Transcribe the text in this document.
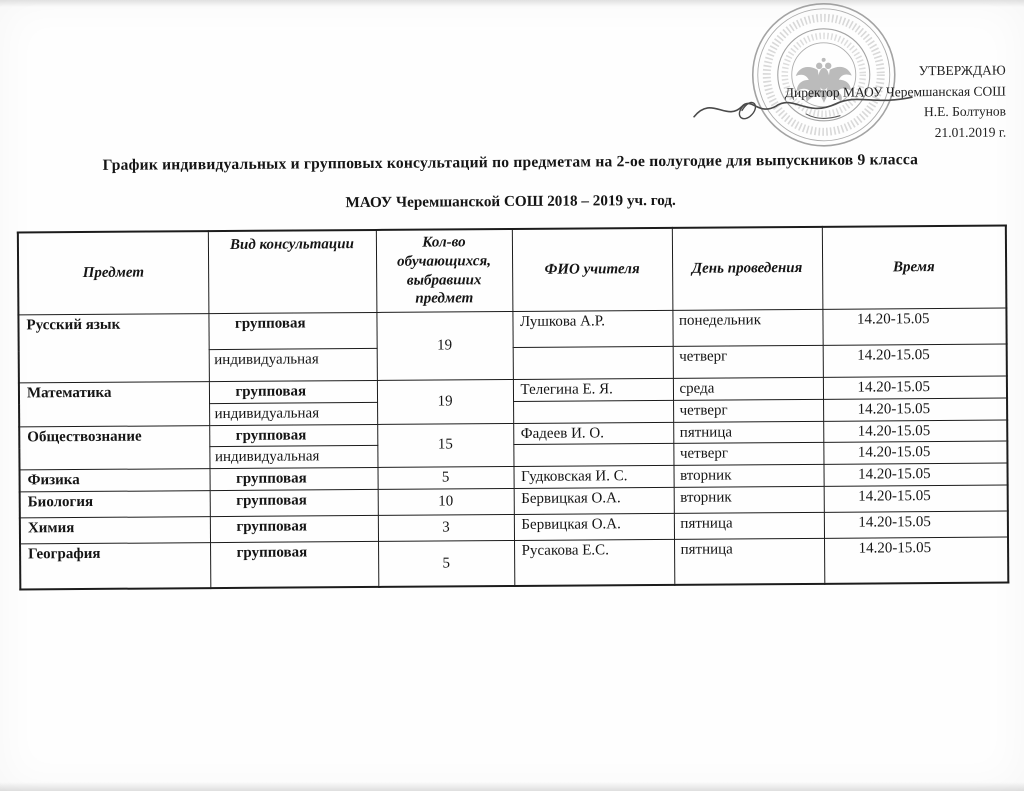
УТВЕРЖДАЮ
Директор МАОУ Черемшанская СОШ
Н.Е. Болтунов
21.01.2019 г.
График индивидуальных и групповых консультаций по предметам на 2-ое полугодие для выпускников 9 класса
МАОУ Черемшанской СОШ 2018 – 2019 уч. год.
Предмет	Вид консультации	Кол-во обучающихся, выбравших предмет	ФИО учителя	День проведения	Время
Русский язык	групповая	19	Лушкова А.Р.	понедельник	14.20-15.05
	индивидуальная			четверг	14.20-15.05
Математика	групповая	19	Телегина Е. Я.	среда	14.20-15.05
	индивидуальная			четверг	14.20-15.05
Обществознание	групповая	15	Фадеев И. О.	пятница	14.20-15.05
	индивидуальная			четверг	14.20-15.05
Физика	групповая	5	Гудковская И. С.	вторник	14.20-15.05
Биология	групповая	10	Бервицкая О.А.	вторник	14.20-15.05
Химия	групповая	3	Бервицкая О.А.	пятница	14.20-15.05
География	групповая	5	Русакова Е.С.	пятница	14.20-15.05
